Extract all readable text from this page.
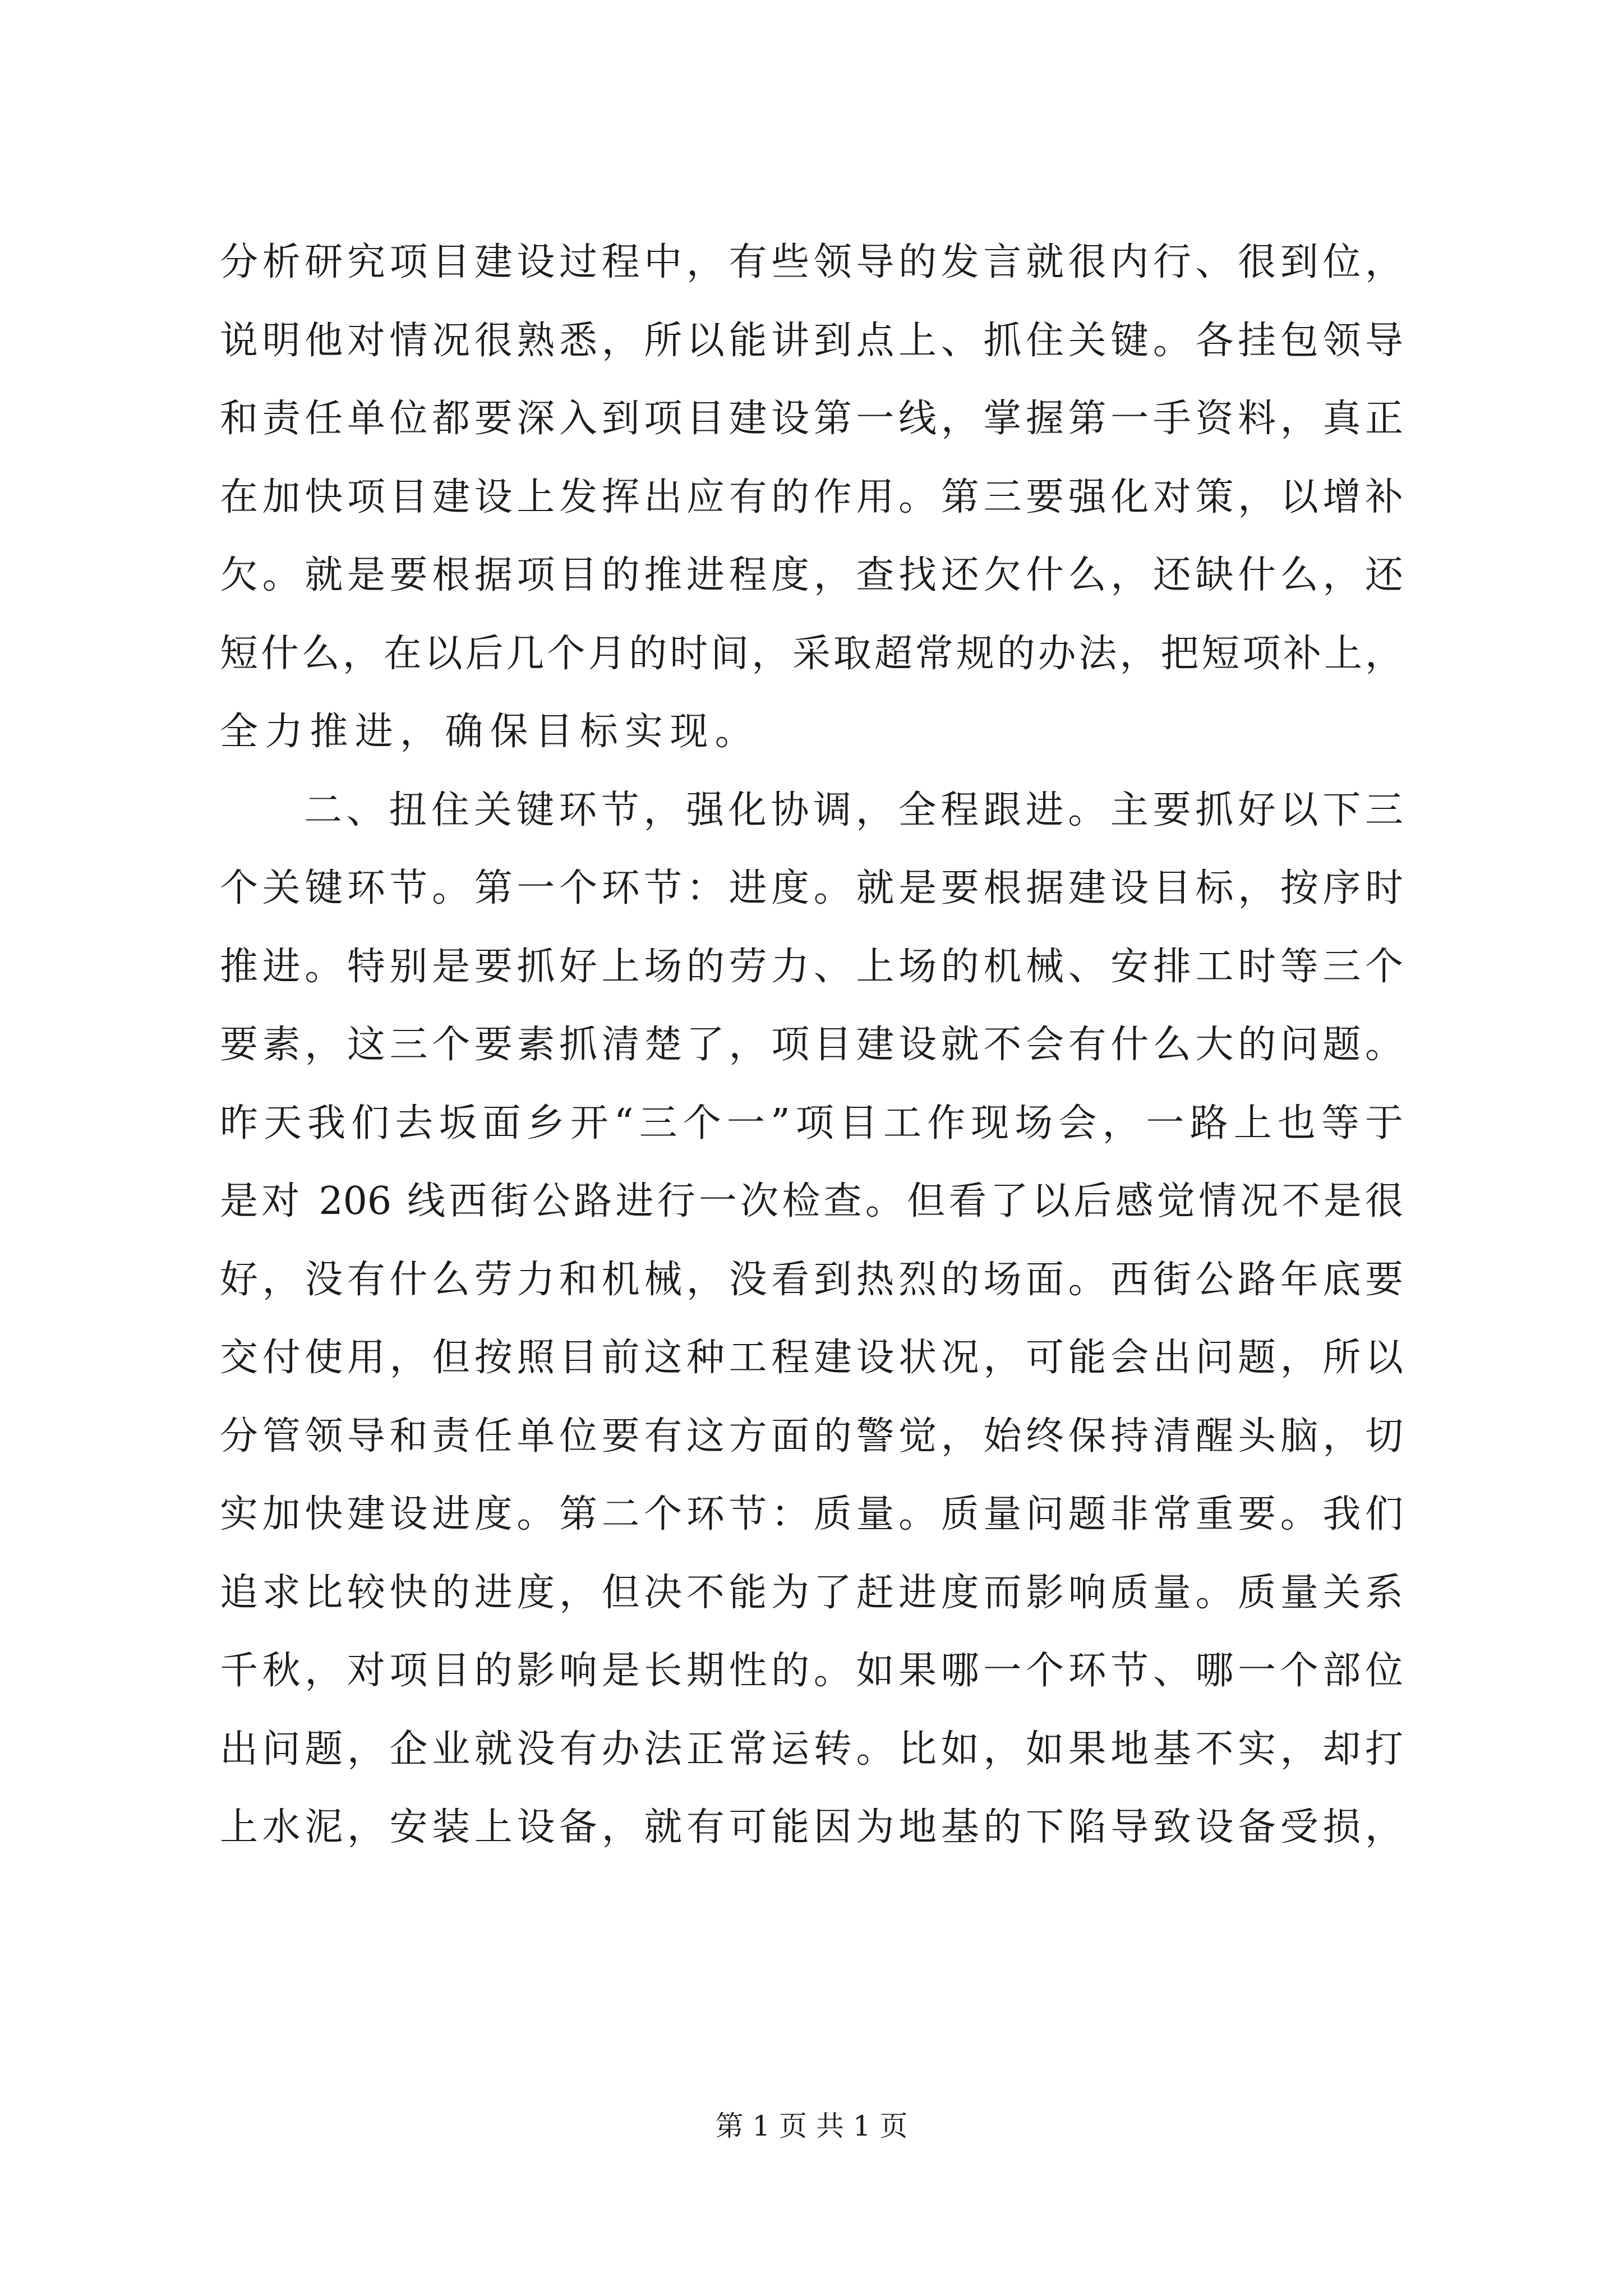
分析研究项目建设过程中，有些领导的发言就很内行、很到位，
说明他对情况很熟悉，所以能讲到点上、抓住关键。各挂包领导
和责任单位都要深入到项目建设第一线，掌握第一手资料，真正
在加快项目建设上发挥出应有的作用。第三要强化对策，以增补
欠。就是要根据项目的推进程度，查找还欠什么，还缺什么，还
短什么，在以后几个月的时间，采取超常规的办法，把短项补上，
全力推进，确保目标实现。
二、扭住关键环节，强化协调，全程跟进。主要抓好以下三
个关键环节。第一个环节：进度。就是要根据建设目标，按序时
推进。特别是要抓好上场的劳力、上场的机械、安排工时等三个
要素，这三个要素抓清楚了，项目建设就不会有什么大的问题。
昨天我们去坂面乡开“三个一”项目工作现场会，一路上也等于
是对 206 线西街公路进行一次检查。但看了以后感觉情况不是很
好，没有什么劳力和机械，没看到热烈的场面。西街公路年底要
交付使用，但按照目前这种工程建设状况，可能会出问题，所以
分管领导和责任单位要有这方面的警觉，始终保持清醒头脑，切
实加快建设进度。第二个环节：质量。质量问题非常重要。我们
追求比较快的进度，但决不能为了赶进度而影响质量。质量关系
千秋，对项目的影响是长期性的。如果哪一个环节、哪一个部位
出问题，企业就没有办法正常运转。比如，如果地基不实，却打
上水泥，安装上设备，就有可能因为地基的下陷导致设备受损，
第 1 页 共 1 页
